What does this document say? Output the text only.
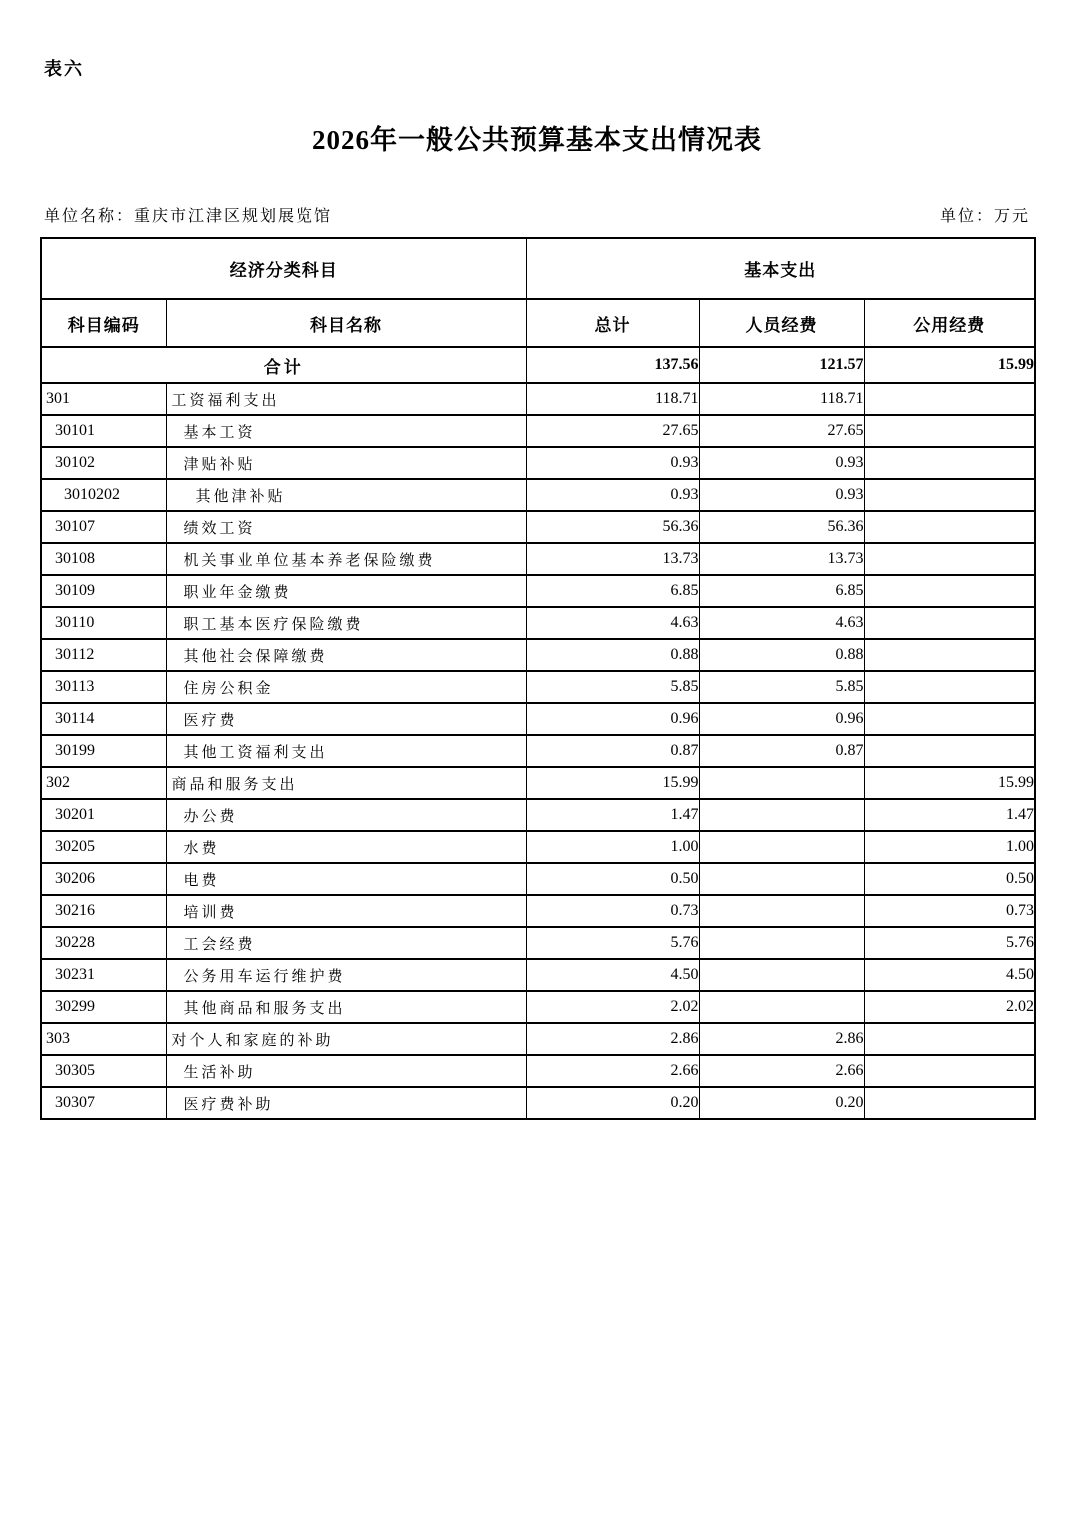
表六
2026年一般公共预算基本支出情况表
单位名称：重庆市江津区规划展览馆	单位：万元
经济分类科目		基本支出		
科目编码	科目名称	总计	人员经费	公用经费
合计		137.56	121.57	15.99
301	工资福利支出	118.71	118.71	
30101	基本工资	27.65	27.65	
30102	津贴补贴	0.93	0.93	
3010202	其他津补贴	0.93	0.93	
30107	绩效工资	56.36	56.36	
30108	机关事业单位基本养老保险缴费	13.73	13.73	
30109	职业年金缴费	6.85	6.85	
30110	职工基本医疗保险缴费	4.63	4.63	
30112	其他社会保障缴费	0.88	0.88	
30113	住房公积金	5.85	5.85	
30114	医疗费	0.96	0.96	
30199	其他工资福利支出	0.87	0.87	
302	商品和服务支出	15.99		15.99
30201	办公费	1.47		1.47
30205	水费	1.00		1.00
30206	电费	0.50		0.50
30216	培训费	0.73		0.73
30228	工会经费	5.76		5.76
30231	公务用车运行维护费	4.50		4.50
30299	其他商品和服务支出	2.02		2.02
303	对个人和家庭的补助	2.86	2.86	
30305	生活补助	2.66	2.66	
30307	医疗费补助	0.20	0.20	
